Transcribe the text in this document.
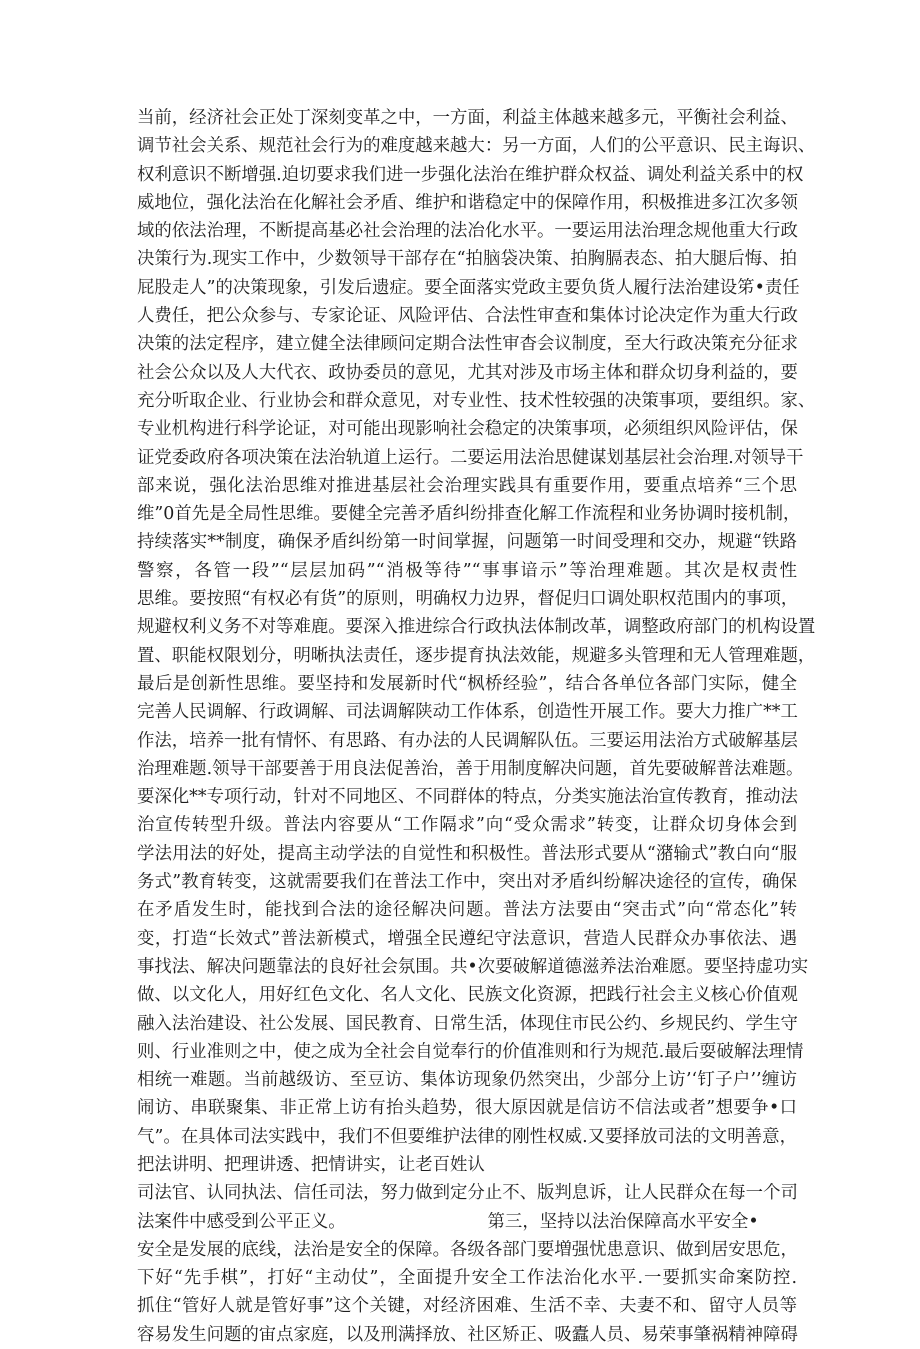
当前，经济社会正处丁深刻变革之中，一方面，利益主体越来越多元，平衡社会利益、
调节社会关系、规范社会行为的难度越来越大：另一方面，人们的公平意识、民主诲识、
权利意识不断增强.迫切要求我们进一步强化法治在维护群众权益、调处利益关系中的权
威地位，强化法治在化解社会矛盾、维护和谐稳定中的保障作用，积极推进多江次多领
域的依法治理，不断提高基必社会治理的法冶化水平。一要运用法治理念规他重大行政
决策行为.现实工作中，少数领导干部存在“拍脑袋决策、拍胸膈表态、拍大腿后悔、拍
屁股走人”的决策现象，引发后遗症。要全面落实党政主要负货人履行法治建设笫•责任
人费任，把公众参与、专家论证、风险评估、合法性审查和集体讨论决定作为重大行政
决策的法定程序，建立健全法律顾问定期合法性审杳会议制度，至大行政决策充分征求
社会公众以及人大代衣、政协委员的意见，尤其对涉及市场主体和群众切身利益的，要
充分听取企业、行业协会和群众意见，对专业性、技术性较强的决策事项，要组织。家、
专业机构进行科学论证，对可能出现影响社会稳定的决策事项，必须组织风险评估，保
证党委政府各项决策在法治轨道上运行。二要运用法治思健谋划基层社会治理.对领导干
部来说，强化法治思维对推进基层社会治理实践具有重要作用，要重点培养“三个思
维”0首先是全局性思维。要健全完善矛盾纠纷排查化解工作流程和业务协调时接机制，
持续落实**制度，确保矛盾纠纷第一时间掌握，问题第一时间受理和交办，规避“铁路
警察，各管一段”“层层加码”“消极等待”“事事谙示”等治理难题。其次是权责性
思维。要按照“有权必有货”的原则，明确权力边界，督促归口调处职权范围内的事项，
规避权利义务不对等难鹿。要深入推进综合行政执法体制改革，调整政府部门的机构设置
置、职能权限划分，明晰执法责任，逐步提育执法效能，规避多头管理和无人管理难题，
最后是创新性思维。要坚持和发展新时代“枫桥经验”，结合各单位各部门实际，健全
完善人民调解、行政调解、司法调解陕动工作体系，创造性开展工作。要大力推广**工
作法，培养一批有情怀、有思路、有办法的人民调解队伍。三要运用法治方式破解基层
治理难题.领导干部要善于用良法促善治，善于用制度解决问题，首先要破解普法难题。
要深化**专项行动，针对不同地区、不同群体的特点，分类实施法治宣传教育，推动法
治宣传转型升级。普法内容要从“工作隔求”向“受众需求”转变，让群众切身体会到
学法用法的好处，提高主动学法的自觉性和积极性。普法形式要从“潴输式”教白向“服
务式”教育转变，这就需要我们在普法工作中，突出对矛盾纠纷解决途径的宣传，确保
在矛盾发生时，能找到合法的途径解决问题。普法方法要由“突击式”向“常态化”转
变，打造“长效式”普法新模式，增强全民遵纪守法意识，营造人民群众办事依法、遇
事找法、解决问题靠法的良好社会氛围。共•次要破解道德滋养法治难愿。要坚持虚功实
做、以文化人，用好红色文化、名人文化、民族文化资源，把践行社会主义核心价值观
融入法治建设、社公发展、国民教育、日常生活，体现住市民公约、乡规民约、学生守
则、行业准则之中，使之成为全社会自觉奉行的价值准则和行为规范.最后耍破解法理情
相统一难题。当前越级访、至豆访、集体访现象仍然突出，少部分上访’‘钉子户’’缠访
闹访、串联聚集、非正常上访有抬头趋势，很大原因就是信访不信法或者”想要争•口
气”。在具体司法实践中，我们不但要维护法律的刚性权威.又要择放司法的文明善意，
把法讲明、把理讲透、把情讲实，让老百姓认
司法官、认同执法、信任司法，努力做到定分止不、版判息诉，让人民群众在每一个司
法案件中感受到公平正义。	第三，坚持以法治保障高水平安全•
安全是发展的底线，法治是安全的保障。各级各部门要増强忧患意识、做到居安思危，
下好“先手棋”，打好“主动仗”，全面提升安全工作法治化水平.一要抓实命案防控.
抓住“管好人就是管好事”这个关键，对经济困难、生活不幸、夫妻不和、留守人员等
容易发生问题的宙点家庭，以及刑满择放、社区矫正、吸蠹人员、易荣事肇祸精神障碍
